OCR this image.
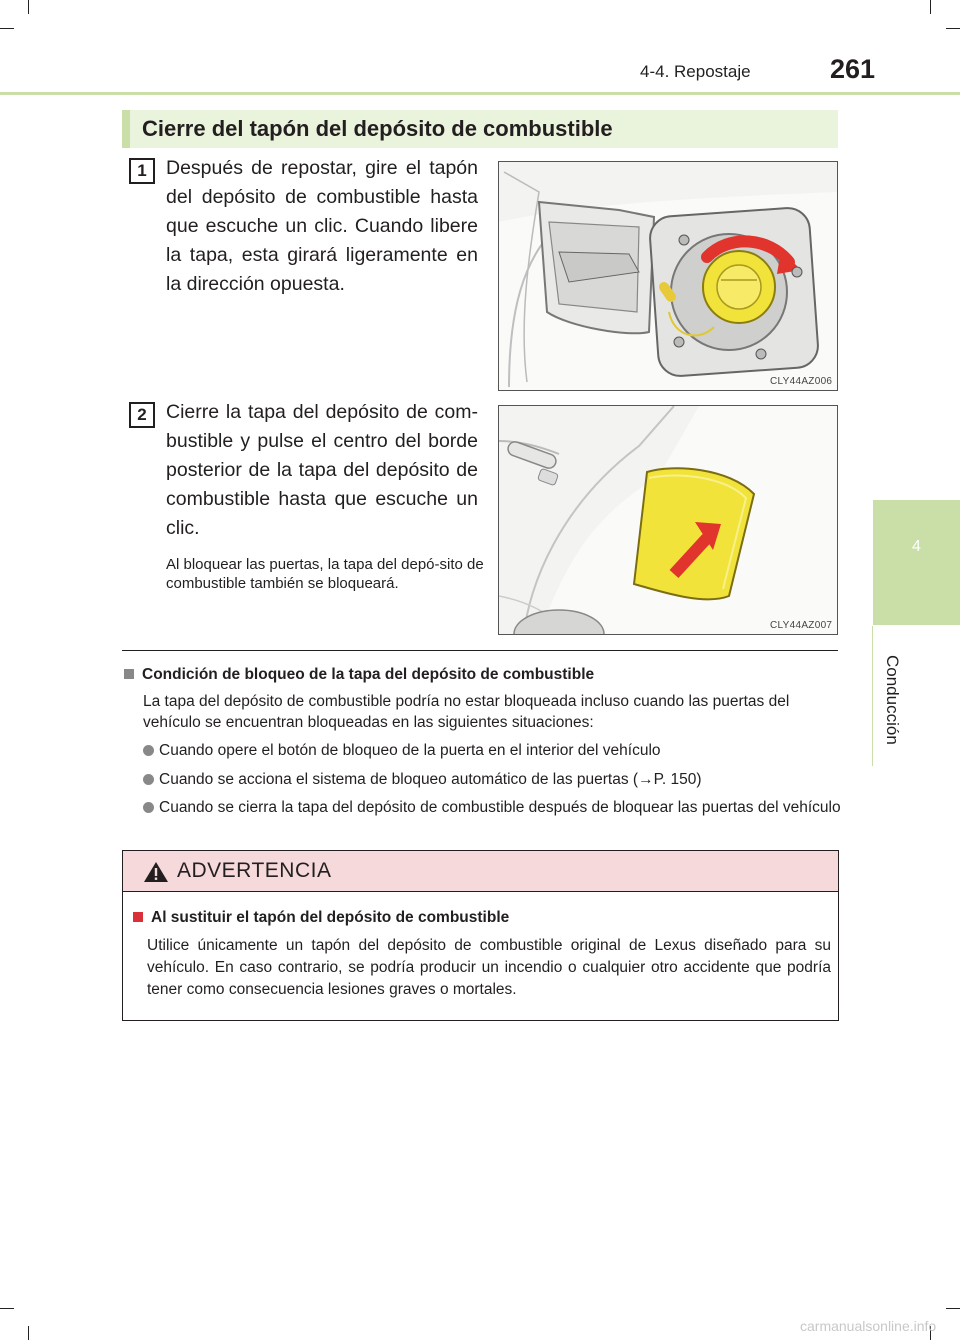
4-4. Repostaje	261
4
Conducción
Cierre del tapón del depósito de combustible
1 Después de repostar, gire el tapón del depósito de combustible hasta que escuche un clic. Cuando libere la tapa, esta girará ligeramente en la dirección opuesta.
CLY44AZ006
2 Cierre la tapa del depósito de com-bustible y pulse el centro del borde posterior de la tapa del depósito de combustible hasta que escuche un clic.
Al bloquear las puertas, la tapa del depó-sito de combustible también se bloqueará.
CLY44AZ007
Condición de bloqueo de la tapa del depósito de combustible
La tapa del depósito de combustible podría no estar bloqueada incluso cuando las puertas del vehículo se encuentran bloqueadas en las siguientes situaciones:
Cuando opere el botón de bloqueo de la puerta en el interior del vehículo
Cuando se acciona el sistema de bloqueo automático de las puertas (→P. 150)
Cuando se cierra la tapa del depósito de combustible después de bloquear las puertas del vehículo
ADVERTENCIA
Al sustituir el tapón del depósito de combustible
Utilice únicamente un tapón del depósito de combustible original de Lexus diseñado para su vehículo. En caso contrario, se podría producir un incendio o cualquier otro accidente que podría tener como consecuencia lesiones graves o mortales.
carmanualsonline.info
